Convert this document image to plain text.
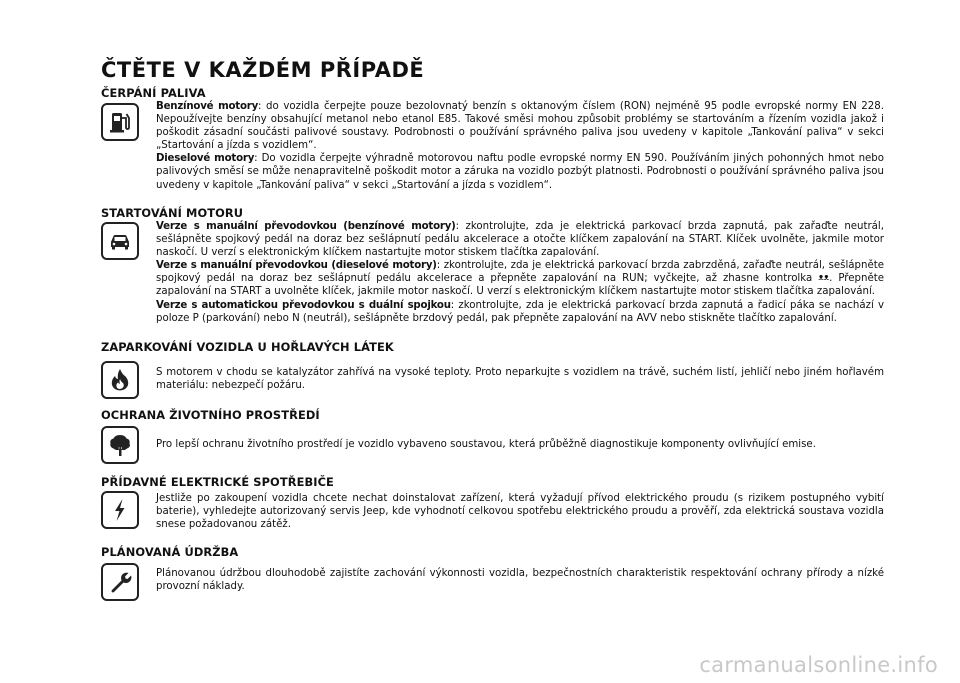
ČTĚTE V KAŽDÉM PŘÍPADĚ
ČERPÁNÍ PALIVA

Benzínové motory: do vozidla čerpejte pouze bezolovnatý benzín s oktanovým číslem (RON) nejméně 95 podle evropské normy EN 228. Nepoužívejte benzíny obsahující metanol nebo etanol E85. Takové směsi mohou způsobit problémy se startováním a řízením vozidla jakož i poškodit zásadní součásti palivové soustavy. Podrobnosti o používání správného paliva jsou uvedeny v kapitole „Tankování paliva“ v sekci „Startování a jízda s vozidlem“.

Dieselové motory: Do vozidla čerpejte výhradně motorovou naftu podle evropské normy EN 590. Používáním jiných pohonných hmot nebo palivových směsí se může nenapravitelně poškodit motor a záruka na vozidlo pozbýt platnosti. Podrobnosti o používání správného paliva jsou uvedeny v kapitole „Tankování paliva“ v sekci „Startování a jízda s vozidlem“.

STARTOVÁNÍ MOTORU

Verze s manuální převodovkou (benzínové motory): zkontrolujte, zda je elektrická parkovací brzda zapnutá, pak zařaďte neutrál, sešlápněte spojkový pedál na doraz bez sešlápnutí pedálu akcelerace a otočte klíčkem zapalování na START. Klíček uvolněte, jakmile motor naskočí. U verzí s elektronickým klíčkem nastartujte motor stiskem tlačítka zapalování.

Verze s manuální převodovkou (dieselové motory): zkontrolujte, zda je elektrická parkovací brzda zabrzděná, zařaďte neutrál, sešlápněte spojkový pedál na doraz bez sešlápnutí pedálu akcelerace a přepněte zapalování na RUN; vyčkejte, až zhasne kontrolka ᴥᴥ. Přepněte zapalování na START a uvolněte klíček, jakmile motor naskočí. U verzí s elektronickým klíčkem nastartujte motor stiskem tlačítka zapalování.

Verze s automatickou převodovkou s duální spojkou: zkontrolujte, zda je elektrická parkovací brzda zapnutá a řadicí páka se nachází v poloze P (parkování) nebo N (neutrál), sešlápněte brzdový pedál, pak přepněte zapalování na AVV nebo stiskněte tlačítko zapalování.

ZAPARKOVÁNÍ VOZIDLA U HOŘLAVÝCH LÁTEK

S motorem v chodu se katalyzátor zahřívá na vysoké teploty. Proto neparkujte s vozidlem na trávě, suchém listí, jehličí nebo jiném hořlavém materiálu: nebezpečí požáru.

OCHRANA ŽIVOTNÍHO PROSTŘEDÍ

Pro lepší ochranu životního prostředí je vozidlo vybaveno soustavou, která průběžně diagnostikuje komponenty ovlivňující emise.

PŘÍDAVNÉ ELEKTRICKÉ SPOTŘEBIČE

Jestliže po zakoupení vozidla chcete nechat doinstalovat zařízení, která vyžadují přívod elektrického proudu (s rizikem postupného vybití baterie), vyhledejte autorizovaný servis Jeep, kde vyhodnotí celkovou spotřebu elektrického proudu a prověří, zda elektrická soustava vozidla snese požadovanou zátěž.

PLÁNOVANÁ ÚDRŽBA

Plánovanou údržbou dlouhodobě zajistíte zachování výkonnosti vozidla, bezpečnostních charakteristik respektování ochrany přírody a nízké provozní náklady.

carmanualsonline.info
